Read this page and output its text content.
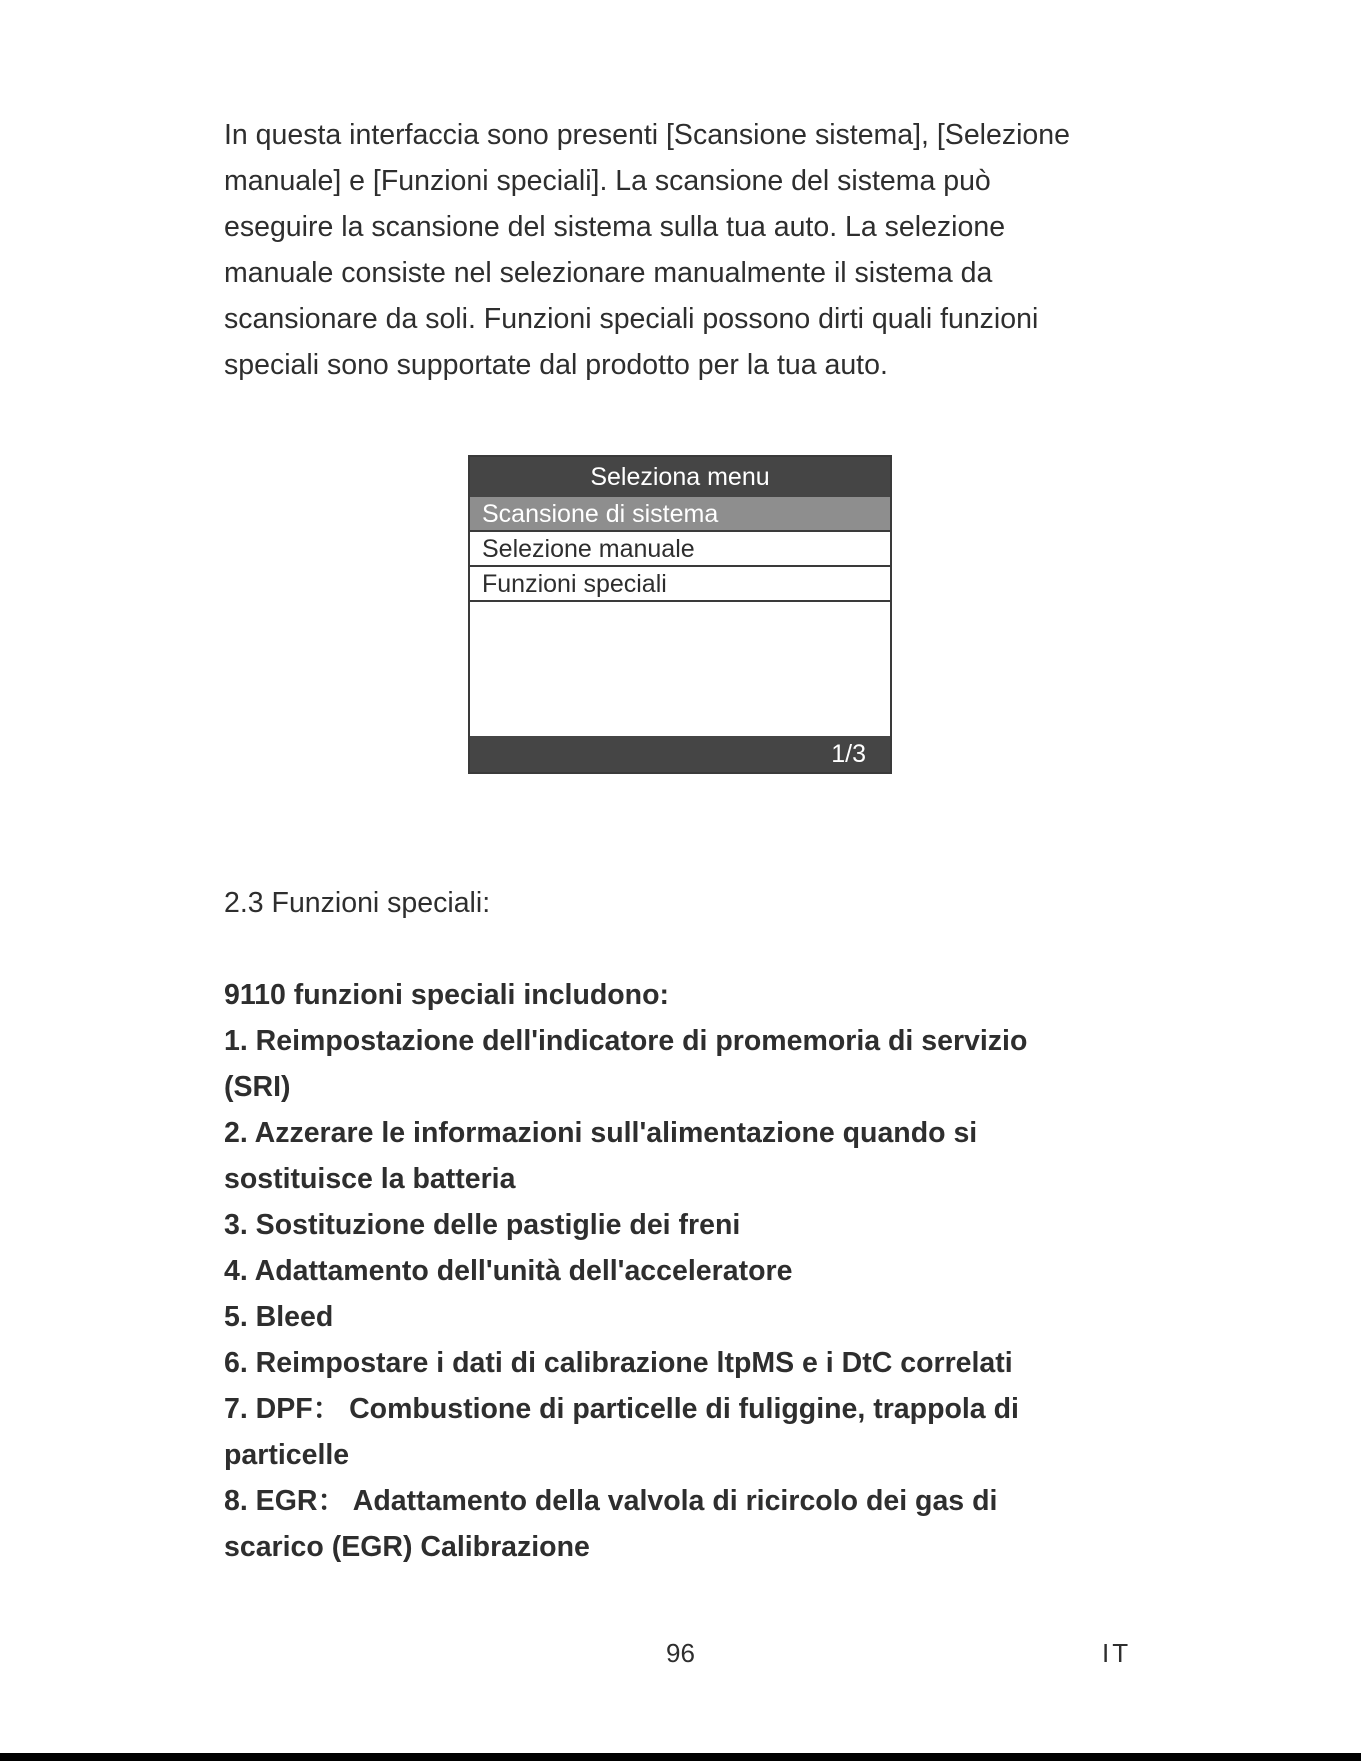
In questa interfaccia sono presenti [Scansione sistema], [Selezione
manuale] e [Funzioni speciali]. La scansione del sistema può
eseguire la scansione del sistema sulla tua auto. La selezione
manuale consiste nel selezionare manualmente il sistema da
scansionare da soli. Funzioni speciali possono dirti quali funzioni
speciali sono supportate dal prodotto per la tua auto.

Seleziona menu
Scansione di sistema
Selezione manuale
Funzioni speciali
1/3
2.3 Funzioni speciali:

9110 funzioni speciali includono:

1. Reimpostazione dell'indicatore di promemoria di servizio
(SRI)
2. Azzerare le informazioni sull'alimentazione quando si
sostituisce la batteria
3. Sostituzione delle pastiglie dei freni
4. Adattamento dell'unità dell'acceleratore
5. Bleed
6. Reimpostare i dati di calibrazione ltpMS e i DtC correlati
7. DPF： Combustione di particelle di fuliggine, trappola di
particelle
8. EGR： Adattamento della valvola di ricircolo dei gas di
scarico (EGR) Calibrazione
96	IT
